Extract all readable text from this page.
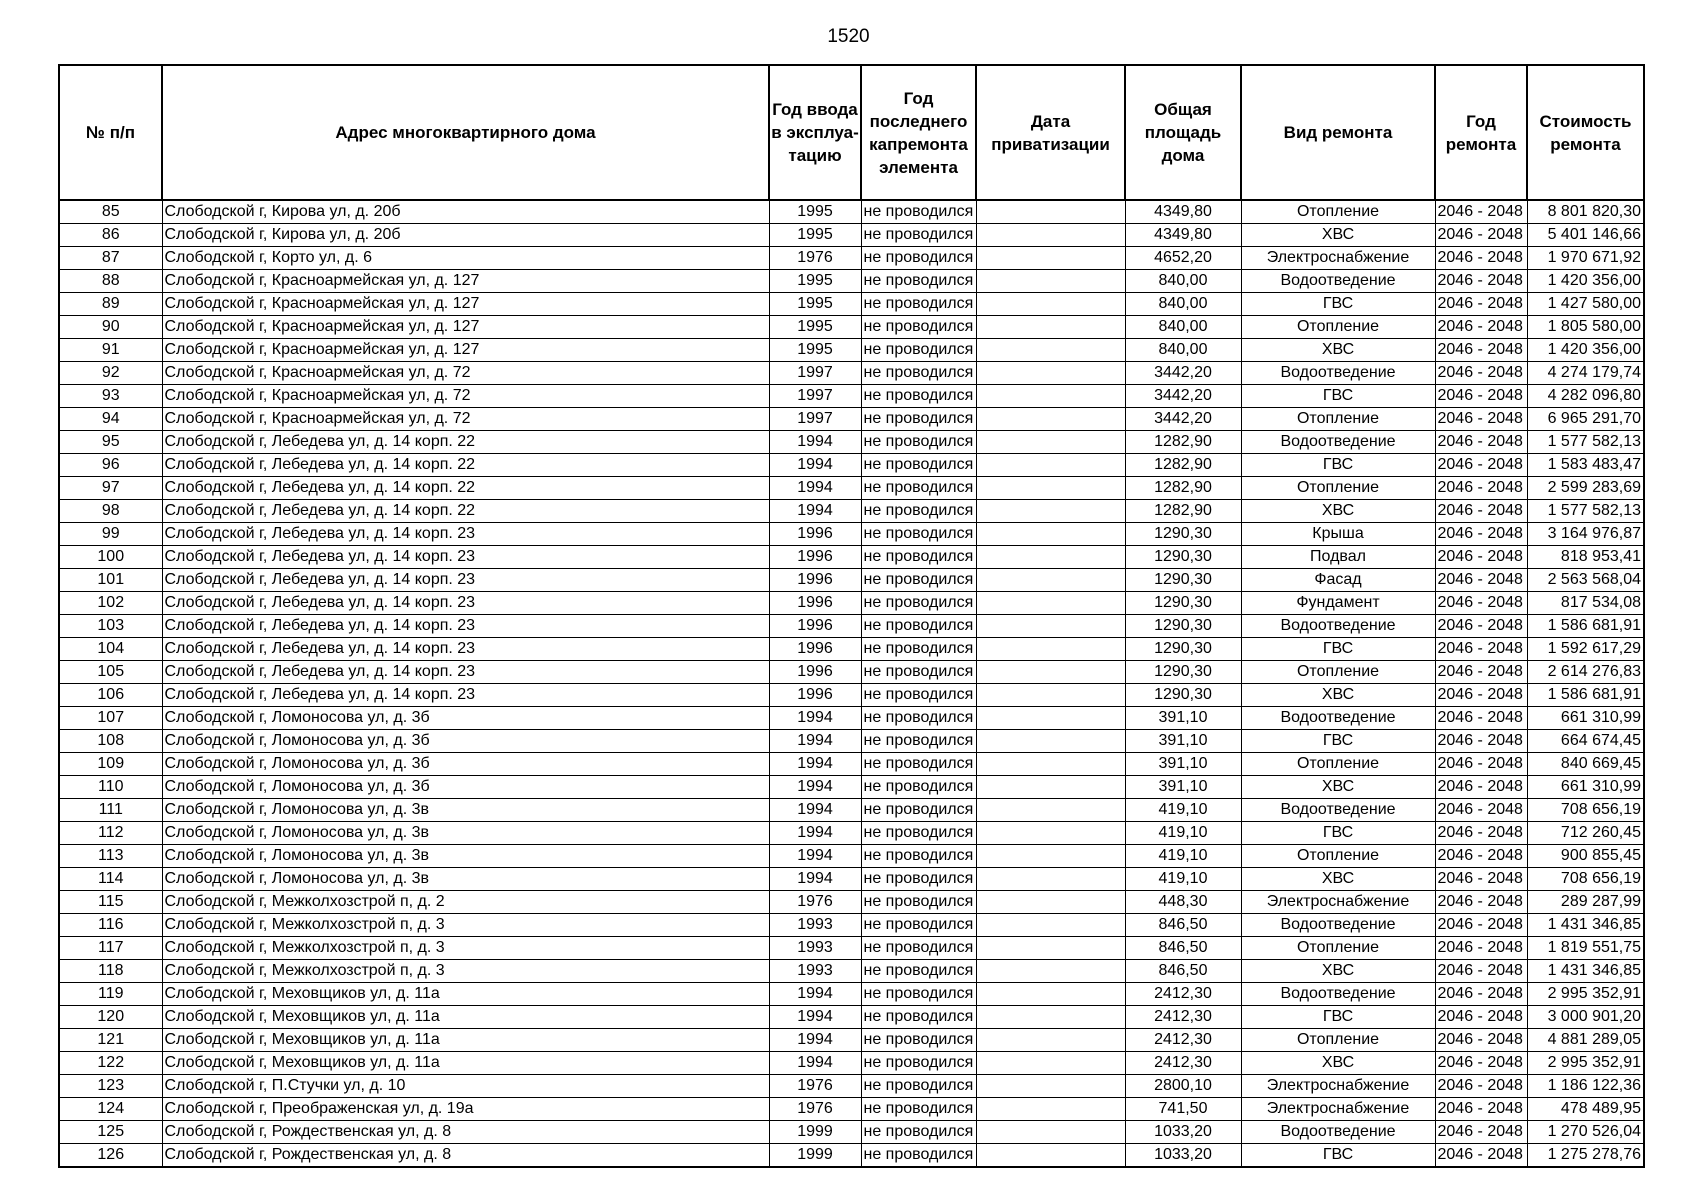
1520
№ п/п	Адрес многоквартирного дома	Год ввода в эксплуа-тацию	Год последнего капремонта элемента	Дата приватизации	Общая площадь дома	Вид ремонта	Год ремонта	Стоимость ремонта
85	Слободской г, Кирова ул, д. 20б	1995	не проводился		4349,80	Отопление	2046 - 2048	8 801 820,30
86	Слободской г, Кирова ул, д. 20б	1995	не проводился		4349,80	ХВС	2046 - 2048	5 401 146,66
87	Слободской г, Корто ул, д. 6	1976	не проводился		4652,20	Электроснабжение	2046 - 2048	1 970 671,92
88	Слободской г, Красноармейская ул, д. 127	1995	не проводился		840,00	Водоотведение	2046 - 2048	1 420 356,00
89	Слободской г, Красноармейская ул, д. 127	1995	не проводился		840,00	ГВС	2046 - 2048	1 427 580,00
90	Слободской г, Красноармейская ул, д. 127	1995	не проводился		840,00	Отопление	2046 - 2048	1 805 580,00
91	Слободской г, Красноармейская ул, д. 127	1995	не проводился		840,00	ХВС	2046 - 2048	1 420 356,00
92	Слободской г, Красноармейская ул, д. 72	1997	не проводился		3442,20	Водоотведение	2046 - 2048	4 274 179,74
93	Слободской г, Красноармейская ул, д. 72	1997	не проводился		3442,20	ГВС	2046 - 2048	4 282 096,80
94	Слободской г, Красноармейская ул, д. 72	1997	не проводился		3442,20	Отопление	2046 - 2048	6 965 291,70
95	Слободской г, Лебедева ул, д. 14 корп. 22	1994	не проводился		1282,90	Водоотведение	2046 - 2048	1 577 582,13
96	Слободской г, Лебедева ул, д. 14 корп. 22	1994	не проводился		1282,90	ГВС	2046 - 2048	1 583 483,47
97	Слободской г, Лебедева ул, д. 14 корп. 22	1994	не проводился		1282,90	Отопление	2046 - 2048	2 599 283,69
98	Слободской г, Лебедева ул, д. 14 корп. 22	1994	не проводился		1282,90	ХВС	2046 - 2048	1 577 582,13
99	Слободской г, Лебедева ул, д. 14 корп. 23	1996	не проводился		1290,30	Крыша	2046 - 2048	3 164 976,87
100	Слободской г, Лебедева ул, д. 14 корп. 23	1996	не проводился		1290,30	Подвал	2046 - 2048	818 953,41
101	Слободской г, Лебедева ул, д. 14 корп. 23	1996	не проводился		1290,30	Фасад	2046 - 2048	2 563 568,04
102	Слободской г, Лебедева ул, д. 14 корп. 23	1996	не проводился		1290,30	Фундамент	2046 - 2048	817 534,08
103	Слободской г, Лебедева ул, д. 14 корп. 23	1996	не проводился		1290,30	Водоотведение	2046 - 2048	1 586 681,91
104	Слободской г, Лебедева ул, д. 14 корп. 23	1996	не проводился		1290,30	ГВС	2046 - 2048	1 592 617,29
105	Слободской г, Лебедева ул, д. 14 корп. 23	1996	не проводился		1290,30	Отопление	2046 - 2048	2 614 276,83
106	Слободской г, Лебедева ул, д. 14 корп. 23	1996	не проводился		1290,30	ХВС	2046 - 2048	1 586 681,91
107	Слободской г, Ломоносова ул, д. 3б	1994	не проводился		391,10	Водоотведение	2046 - 2048	661 310,99
108	Слободской г, Ломоносова ул, д. 3б	1994	не проводился		391,10	ГВС	2046 - 2048	664 674,45
109	Слободской г, Ломоносова ул, д. 3б	1994	не проводился		391,10	Отопление	2046 - 2048	840 669,45
110	Слободской г, Ломоносова ул, д. 3б	1994	не проводился		391,10	ХВС	2046 - 2048	661 310,99
111	Слободской г, Ломоносова ул, д. 3в	1994	не проводился		419,10	Водоотведение	2046 - 2048	708 656,19
112	Слободской г, Ломоносова ул, д. 3в	1994	не проводился		419,10	ГВС	2046 - 2048	712 260,45
113	Слободской г, Ломоносова ул, д. 3в	1994	не проводился		419,10	Отопление	2046 - 2048	900 855,45
114	Слободской г, Ломоносова ул, д. 3в	1994	не проводился		419,10	ХВС	2046 - 2048	708 656,19
115	Слободской г, Межколхозстрой п, д. 2	1976	не проводился		448,30	Электроснабжение	2046 - 2048	289 287,99
116	Слободской г, Межколхозстрой п, д. 3	1993	не проводился		846,50	Водоотведение	2046 - 2048	1 431 346,85
117	Слободской г, Межколхозстрой п, д. 3	1993	не проводился		846,50	Отопление	2046 - 2048	1 819 551,75
118	Слободской г, Межколхозстрой п, д. 3	1993	не проводился		846,50	ХВС	2046 - 2048	1 431 346,85
119	Слободской г, Меховщиков ул, д. 11а	1994	не проводился		2412,30	Водоотведение	2046 - 2048	2 995 352,91
120	Слободской г, Меховщиков ул, д. 11а	1994	не проводился		2412,30	ГВС	2046 - 2048	3 000 901,20
121	Слободской г, Меховщиков ул, д. 11а	1994	не проводился		2412,30	Отопление	2046 - 2048	4 881 289,05
122	Слободской г, Меховщиков ул, д. 11а	1994	не проводился		2412,30	ХВС	2046 - 2048	2 995 352,91
123	Слободской г, П.Стучки ул, д. 10	1976	не проводился		2800,10	Электроснабжение	2046 - 2048	1 186 122,36
124	Слободской г, Преображенская ул, д. 19а	1976	не проводился		741,50	Электроснабжение	2046 - 2048	478 489,95
125	Слободской г, Рождественская ул, д. 8	1999	не проводился		1033,20	Водоотведение	2046 - 2048	1 270 526,04
126	Слободской г, Рождественская ул, д. 8	1999	не проводился		1033,20	ГВС	2046 - 2048	1 275 278,76
